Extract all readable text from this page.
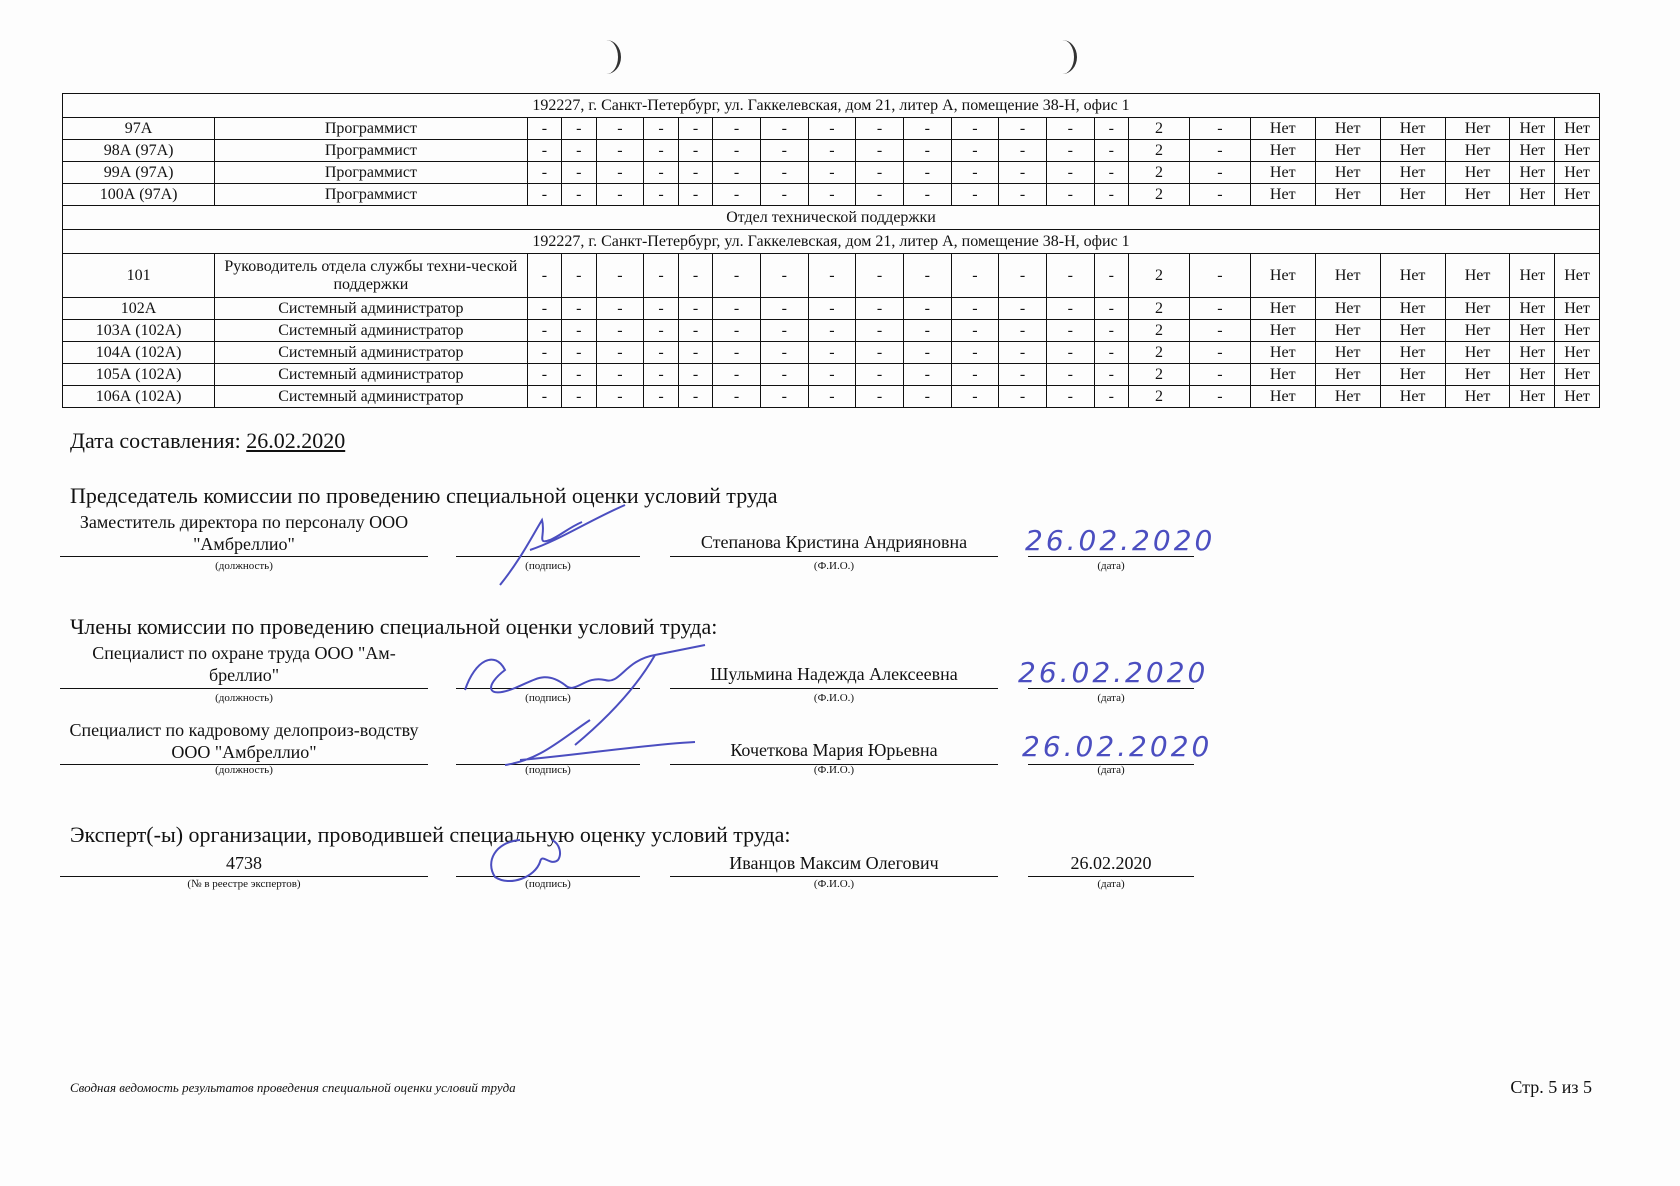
192227, г. Санкт-Петербург, ул. Гаккелевская, дом 21, литер А, помещение 38-Н, офис 1																							
97А	Программист	-	-	-	-	-	-	-	-	-	-	-	-	-	-	2	-	Нет	Нет	Нет	Нет	Нет	Нет
98А (97А)	Программист	-	-	-	-	-	-	-	-	-	-	-	-	-	-	2	-	Нет	Нет	Нет	Нет	Нет	Нет
99А (97А)	Программист	-	-	-	-	-	-	-	-	-	-	-	-	-	-	2	-	Нет	Нет	Нет	Нет	Нет	Нет
100А (97А)	Программист	-	-	-	-	-	-	-	-	-	-	-	-	-	-	2	-	Нет	Нет	Нет	Нет	Нет	Нет
Отдел технической поддержки																							
192227, г. Санкт-Петербург, ул. Гаккелевская, дом 21, литер А, помещение 38-Н, офис 1																							
101	Руководитель отдела службы техни-ческой поддержки	-	-	-	-	-	-	-	-	-	-	-	-	-	-	2	-	Нет	Нет	Нет	Нет	Нет	Нет
102А	Системный администратор	-	-	-	-	-	-	-	-	-	-	-	-	-	-	2	-	Нет	Нет	Нет	Нет	Нет	Нет
103А (102А)	Системный администратор	-	-	-	-	-	-	-	-	-	-	-	-	-	-	2	-	Нет	Нет	Нет	Нет	Нет	Нет
104А (102А)	Системный администратор	-	-	-	-	-	-	-	-	-	-	-	-	-	-	2	-	Нет	Нет	Нет	Нет	Нет	Нет
105А (102А)	Системный администратор	-	-	-	-	-	-	-	-	-	-	-	-	-	-	2	-	Нет	Нет	Нет	Нет	Нет	Нет
106А (102А)	Системный администратор	-	-	-	-	-	-	-	-	-	-	-	-	-	-	2	-	Нет	Нет	Нет	Нет	Нет	Нет
Дата составления: 26.02.2020
Председатель комиссии по проведению специальной оценки условий труда
Заместитель директора по персоналу ООО "Амбреллио"
(должность)	(подпись)
Степанова Кристина Андрияновна
(Ф.И.О.)
26.02.2020
(дата)
Члены комиссии по проведению специальной оценки условий труда:
Специалист по охране труда ООО "Ам-бреллио"
(должность)	(подпись)
Шульмина Надежда Алексеевна
(Ф.И.О.)
26.02.2020
(дата)
Специалист по кадровому делопроиз-водству ООО "Амбреллио"
(должность)	(подпись)
Кочеткова Мария Юрьевна
(Ф.И.О.)
26.02.2020
(дата)
Эксперт(-ы) организации, проводившей специальную оценку условий труда:
4738
(№ в реестре экспертов)	(подпись)
Иванцов Максим Олегович
(Ф.И.О.)
26.02.2020
(дата)
Сводная ведомость результатов проведения специальной оценки условий труда	Стр. 5 из 5
